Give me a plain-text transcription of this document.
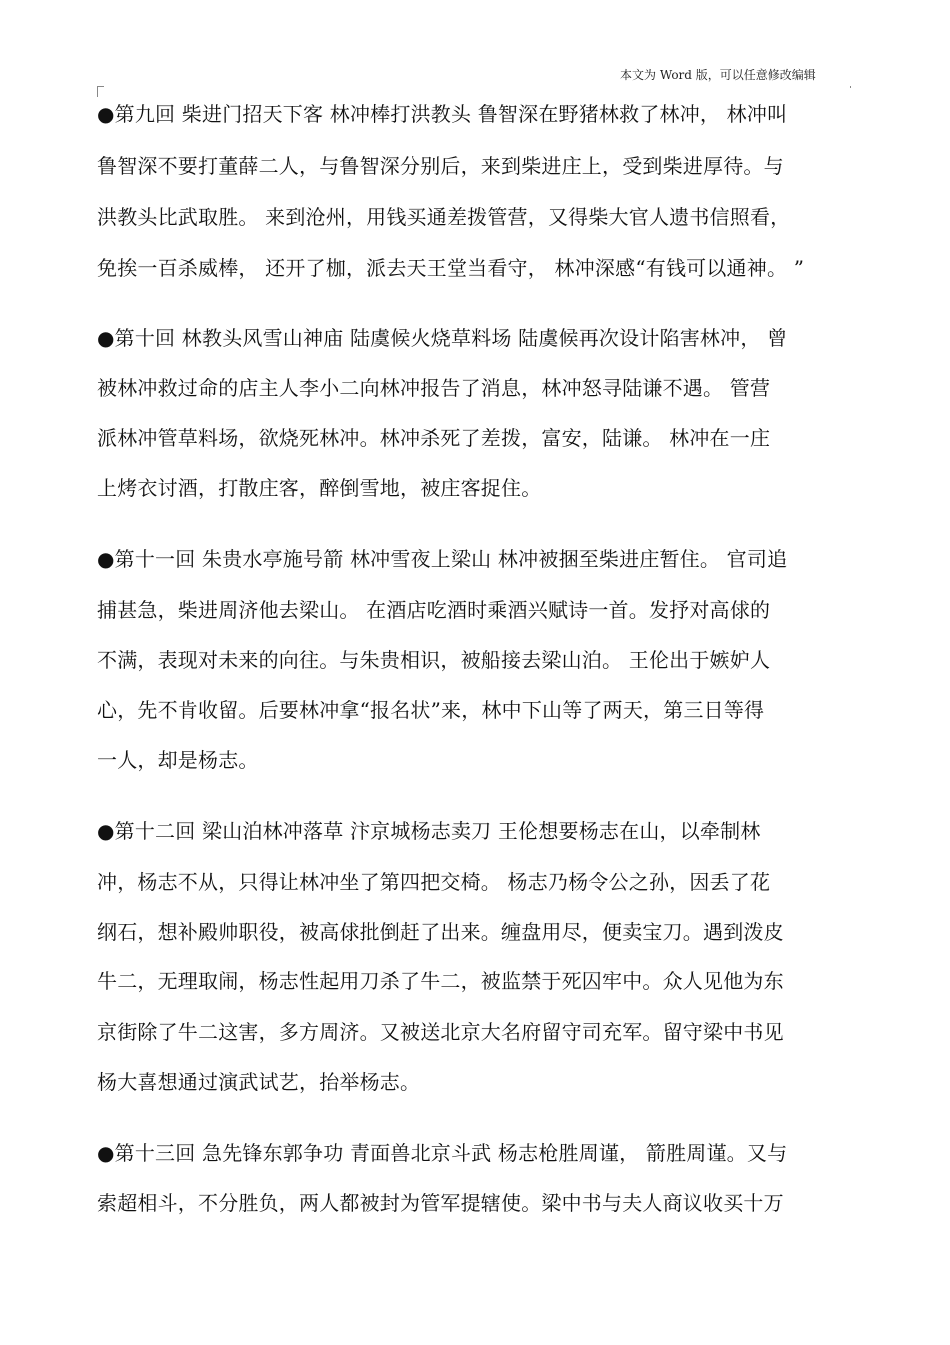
本文为 Word 版，可以任意修改编辑
●第九回 柴进门招天下客 林冲棒打洪教头 鲁智深在野猪林救了林冲， 林冲叫
鲁智深不要打董薛二人，与鲁智深分别后，来到柴进庄上，受到柴进厚待。与
洪教头比武取胜。 来到沧州，用钱买通差拨管营，又得柴大官人遗书信照看，
免挨一百杀威棒， 还开了枷，派去天王堂当看守， 林冲深感“有钱可以通神。 ”
●第十回 林教头风雪山神庙 陆虞候火烧草料场 陆虞候再次设计陷害林冲， 曾
被林冲救过命的店主人李小二向林冲报告了消息，林冲怒寻陆谦不遇。 管营
派林冲管草料场，欲烧死林冲。林冲杀死了差拨，富安，陆谦。 林冲在一庄
上烤衣讨酒，打散庄客，醉倒雪地，被庄客捉住。
●第十一回 朱贵水亭施号箭 林冲雪夜上梁山 林冲被捆至柴进庄暂住。 官司追
捕甚急，柴进周济他去梁山。 在酒店吃酒时乘酒兴赋诗一首。发抒对高俅的
不满，表现对未来的向往。与朱贵相识，被船接去梁山泊。 王伦出于嫉妒人
心，先不肯收留。后要林冲拿“报名状”来，林中下山等了两天，第三日等得
一人，却是杨志。
●第十二回 梁山泊林冲落草 汴京城杨志卖刀 王伦想要杨志在山，以牵制林
冲，杨志不从，只得让林冲坐了第四把交椅。 杨志乃杨令公之孙，因丢了花
纲石，想补殿帅职役，被高俅批倒赶了出来。缠盘用尽，便卖宝刀。遇到泼皮
牛二，无理取闹，杨志性起用刀杀了牛二，被监禁于死囚牢中。众人见他为东
京街除了牛二这害，多方周济。又被送北京大名府留守司充军。留守梁中书见
杨大喜想通过演武试艺，抬举杨志。
●第十三回 急先锋东郭争功 青面兽北京斗武 杨志枪胜周谨， 箭胜周谨。又与
索超相斗，不分胜负，两人都被封为管军提辖使。梁中书与夫人商议收买十万
